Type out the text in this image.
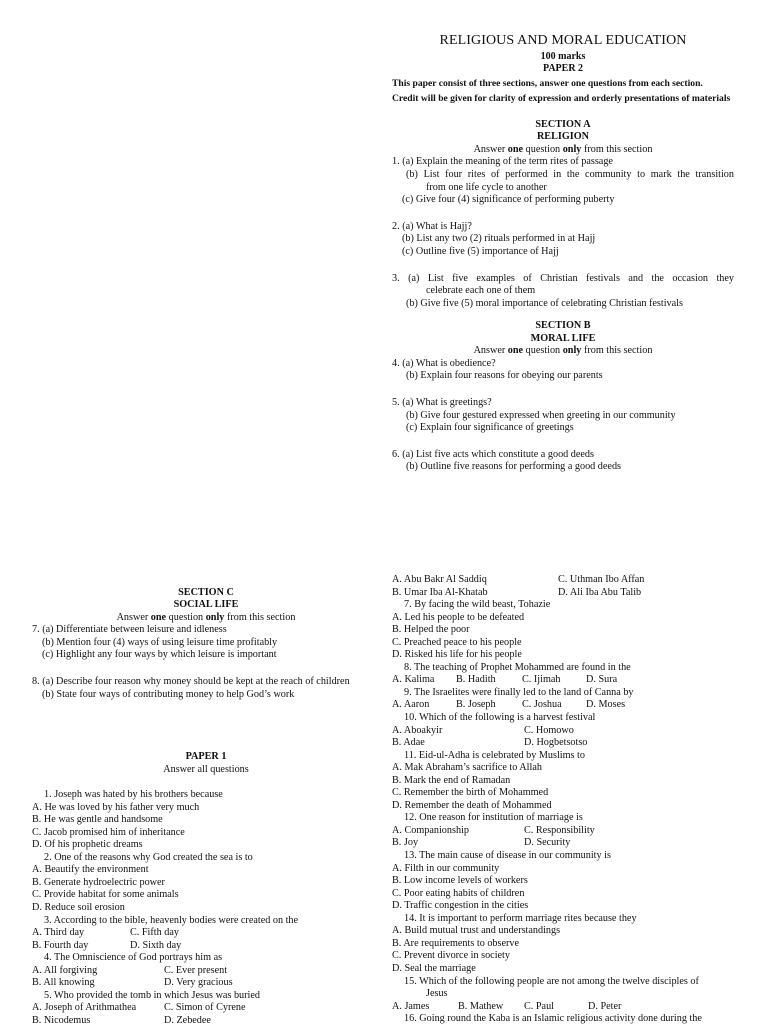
RELIGIOUS AND MORAL EDUCATION
100 marks
PAPER 2
This paper consist of three sections, answer one questions from each section.
Credit will be given for clarity of expression and orderly presentations of materials
SECTION A
RELIGION
Answer one question only from this section
1. (a) Explain the meaning of the term rites of passage
(b) List four rites of performed in the community to mark the transition
from one life cycle to another
(c) Give four (4) significance of performing puberty
2. (a) What is Hajj?
(b) List any two (2) rituals performed in at Hajj
(c) Outline five (5) importance of Hajj
3. (a) List five examples of Christian festivals and the occasion they
celebrate each one of them
(b) Give five (5) moral importance of celebrating Christian festivals
SECTION B
MORAL LIFE
Answer one question only from this section
4. (a) What is obedience?
(b) Explain four reasons for obeying our parents
5. (a) What is greetings?
(b) Give four gestured expressed when greeting in our community
(c) Explain four significance of greetings
6. (a) List five acts which constitute a good deeds
(b) Outline five reasons for performing a good deeds
SECTION C
SOCIAL LIFE
Answer one question only from this section
7. (a) Differentiate between leisure and idleness
(b) Mention four (4) ways of using leisure time profitably
(c) Highlight any four ways by which leisure is important
8. (a) Describe four reason why money should be kept at the reach of children
(b) State four ways of contributing money to help God’s work
PAPER 1
Answer all questions
1. Joseph was hated by his brothers because
A. He was loved by his father very much
B. He was gentle and handsome
C. Jacob promised him of inheritance
D. Of his prophetic dreams
2. One of the reasons why God created the sea is to
A. Beautify the environment
B. Generate hydroelectric power
C. Provide habitat for some animals
D. Reduce soil erosion
3. According to the bible, heavenly bodies were created on the
A. Third day	C. Fifth day
B. Fourth day	D. Sixth day
4. The Omniscience of God portrays him as
A. All forgiving	C. Ever present
B. All knowing	D. Very gracious
5. Who provided the tomb in which Jesus was buried
A. Joseph of Arithmathea	C. Simon of Cyrene
B. Nicodemus	D. Zebedee
A. Abu Bakr Al Saddiq	C. Uthman Ibo Affan
B. Umar Iba Al-Khatab	D. Ali Iba Abu Talib
7. By facing the wild beast, Tohazie
A. Led his people to be defeated
B. Helped the poor
C. Preached peace to his people
D. Risked his life for his people
8. The teaching of Prophet Mohammed are found in the
A. Kalima	B. Hadith	C. Ijimah	D. Sura
9. The Israelites were finally led to the land of Canna by
A. Aaron	B. Joseph	C. Joshua	D. Moses
10. Which of the following is a harvest festival
A. Aboakyir	C. Homowo
B. Adae	D. Hogbetsotso
11. Eid-ul-Adha is celebrated by Muslims to
A. Mak Abraham’s sacrifice to Allah
B. Mark the end of Ramadan
C. Remember the birth of Mohammed
D. Remember the death of Mohammed
12. One reason for institution of marriage is
A. Companionship	C. Responsibility
B. Joy	D. Security
13. The main cause of disease in our community is
A. Filth in our community
B. Low income levels of workers
C. Poor eating habits of children
D. Traffic congestion in the cities
14. It is important to perform marriage rites because they
A. Build mutual trust and understandings
B. Are requirements to observe
C. Prevent divorce in society
D. Seal the marriage
15. Which of the following people are not among the twelve disciples of
Jesus
A. James	B. Mathew	C. Paul	D. Peter
16. Going round the Kaba is an Islamic religious activity done during the
